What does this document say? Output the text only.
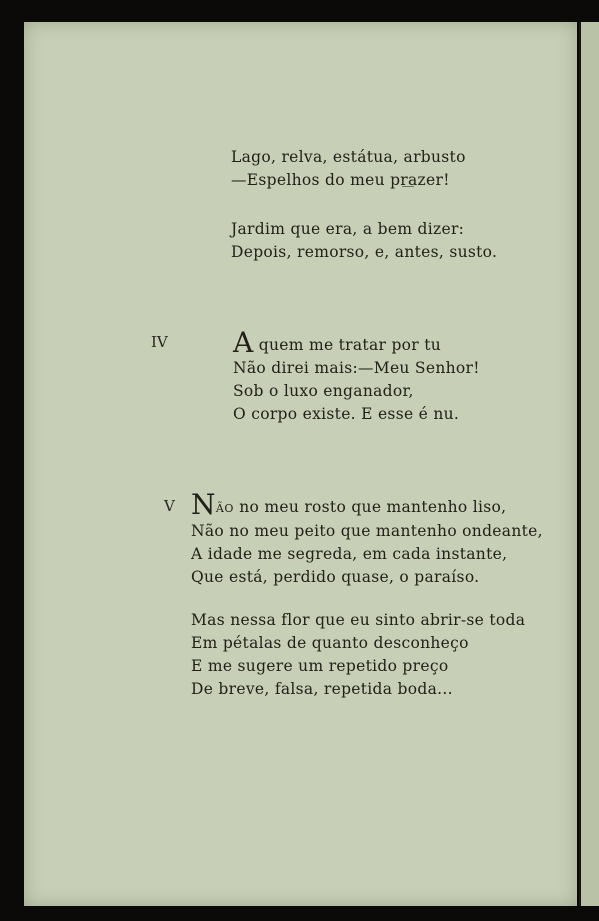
Lago, relva, estátua, arbusto
—Espelhos do meu prazer!
Jardim que era, a bem dizer:
Depois, remorso, e, antes, susto.
IV A quem me tratar por tu
Não direi mais:—Meu Senhor!
Sob o luxo enganador,
O corpo existe. E esse é nu.
V NÃO no meu rosto que mantenho liso,
Não no meu peito que mantenho ondeante,
A idade me segreda, em cada instante,
Que está, perdido quase, o paraíso.
Mas nessa flor que eu sinto abrir-se toda
Em pétalas de quanto desconheço
E me sugere um repetido preço
De breve, falsa, repetida boda...
